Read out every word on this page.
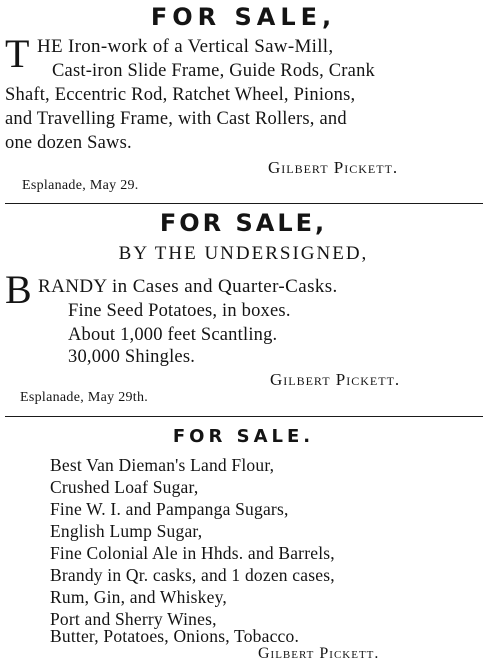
FOR SALE,
T HE Iron-work of a Vertical Saw-Mill,
Cast-iron Slide Frame, Guide Rods, Crank
Shaft, Eccentric Rod, Ratchet Wheel, Pinions,
and Travelling Frame, with Cast Rollers, and
one dozen Saws.
Gilbert Pickett.
Esplanade, May 29.
FOR SALE,
BY THE UNDERSIGNED,
B RANDY in Cases and Quarter-Casks.
Fine Seed Potatoes, in boxes.
About 1,000 feet Scantling.
30,000 Shingles.
Gilbert Pickett.
Esplanade, May 29th.
FOR SALE.
Best Van Dieman's Land Flour,
Crushed Loaf Sugar,
Fine W. I. and Pampanga Sugars,
English Lump Sugar,
Fine Colonial Ale in Hhds. and Barrels,
Brandy in Qr. casks, and 1 dozen cases,
Rum, Gin, and Whiskey,
Port and Sherry Wines,
Butter, Potatoes, Onions, Tobacco.
Gilbert Pickett.
